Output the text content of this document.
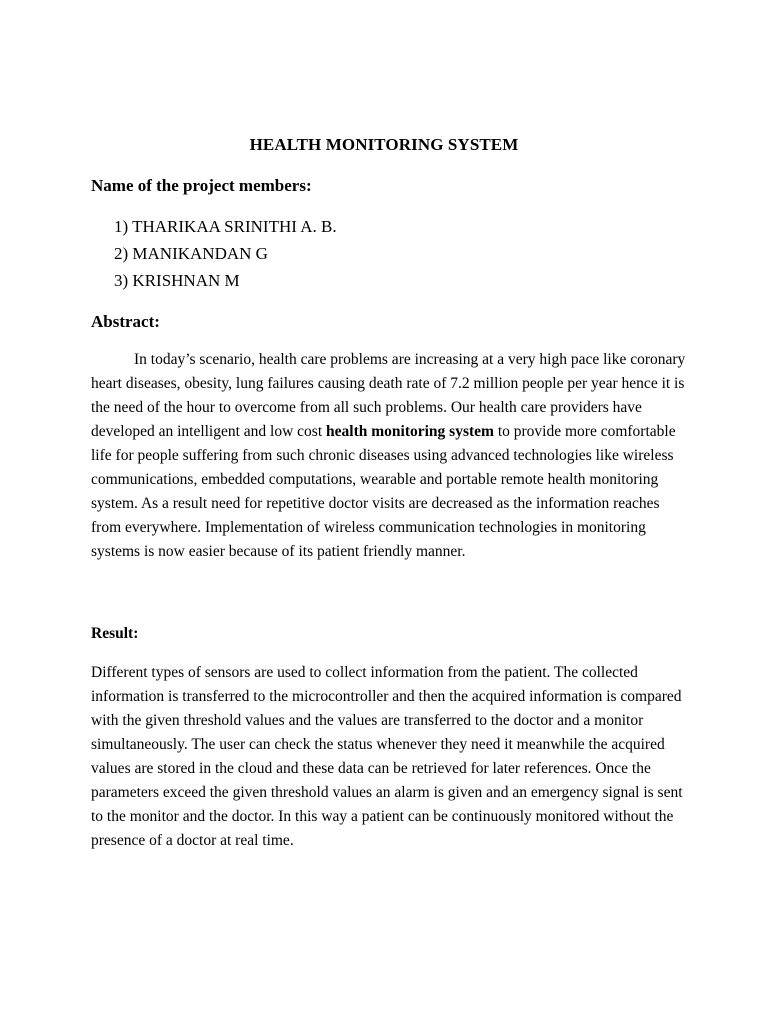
HEALTH MONITORING SYSTEM
Name of the project members:
1) THARIKAA SRINITHI A. B.
2) MANIKANDAN G
3) KRISHNAN M
Abstract:

In today’s scenario, health care problems are increasing at a very high pace like coronary heart diseases, obesity, lung failures causing death rate of 7.2 million people per year hence it is the need of the hour to overcome from all such problems. Our health care providers have developed an intelligent and low cost health monitoring system to provide more comfortable life for people suffering from such chronic diseases using advanced technologies like wireless communications, embedded computations, wearable and portable remote health monitoring system. As a result need for repetitive doctor visits are decreased as the information reaches from everywhere. Implementation of wireless communication technologies in monitoring systems is now easier because of its patient friendly manner.

Result:

Different types of sensors are used to collect information from the patient. The collected information is transferred to the microcontroller and then the acquired information is compared with the given threshold values and the values are transferred to the doctor and a monitor simultaneously. The user can check the status whenever they need it meanwhile the acquired values are stored in the cloud and these data can be retrieved for later references. Once the parameters exceed the given threshold values an alarm is given and an emergency signal is sent to the monitor and the doctor. In this way a patient can be continuously monitored without the presence of a doctor at real time.
